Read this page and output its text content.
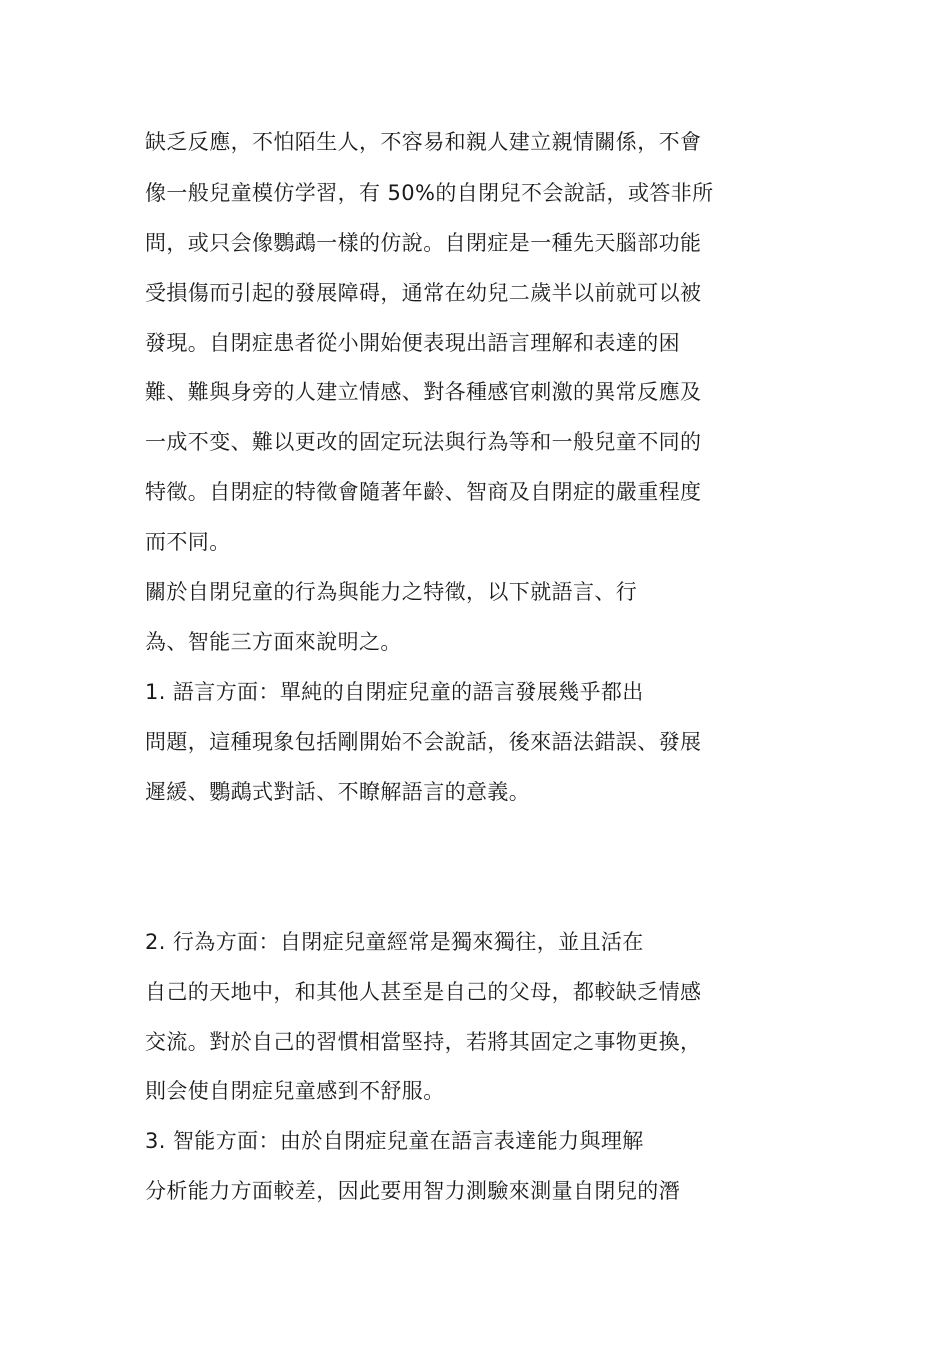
缺乏反應，不怕陌生人，不容易和親人建立親情關係，不會
像一般兒童模仿学習，有 50%的自閉兒不会說話，或答非所
問，或只会像鸚鵡一樣的仿說。自閉症是一種先天腦部功能
受損傷而引起的發展障碍，通常在幼兒二歲半以前就可以被
發現。自閉症患者從小開始便表現出語言理解和表達的困
難、難與身旁的人建立情感、對各種感官刺激的異常反應及
一成不变、難以更改的固定玩法與行為等和一般兒童不同的
特徵。自閉症的特徵會隨著年齡、智商及自閉症的嚴重程度
而不同。
關於自閉兒童的行為與能力之特徵，以下就語言、行
為、智能三方面來說明之。
1. 語言方面：單純的自閉症兒童的語言發展幾乎都出
問題，這種現象包括剛開始不会說話，後來語法錯誤、發展
遲緩、鸚鵡式對話、不瞭解語言的意義。
2. 行為方面：自閉症兒童經常是獨來獨往，並且活在
自己的天地中，和其他人甚至是自己的父母，都較缺乏情感
交流。對於自己的習慣相當堅持，若將其固定之事物更換，
則会使自閉症兒童感到不舒服。
3. 智能方面：由於自閉症兒童在語言表達能力與理解
分析能力方面較差，因此要用智力測驗來測量自閉兒的潛
